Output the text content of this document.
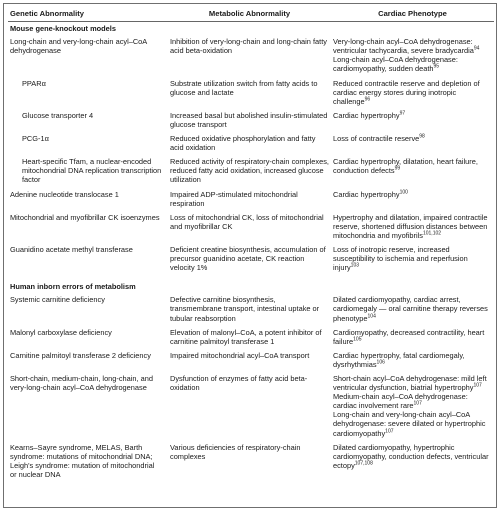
Genetic Abnormality	Metabolic Abnormality	Cardiac Phenotype
Mouse gene-knockout models		
Long-chain and very-long-chain acyl–CoA dehydrogenase	Inhibition of very-long-chain and long-chain fatty acid beta-oxidation	Very-long-chain acyl–CoA dehydrogenase: ventricular tachycardia, severe bradycardia$^{94}$
Long-chain acyl–CoA dehydrogenase: cardiomyopathy, sudden death$^{95}$

PPARα	Substrate utilization switch from fatty acids to glucose and lactate	Reduced contractile reserve and depletion of cardiac energy stores during inotropic challenge$^{96}$

Glucose transporter 4	Increased basal but abolished insulin-stimulated glucose transport	Cardiac hypertrophy$^{97}$

PCG-1α	Reduced oxidative phosphorylation and fatty acid oxidation	Loss of contractile reserve$^{98}$

Heart-specific Tfam, a nuclear-encoded mitochondrial DNA replication transcription factor	Reduced activity of respiratory-chain complexes, reduced fatty acid oxidation, increased glucose utilization	Cardiac hypertrophy, dilatation, heart failure, conduction defects$^{99}$

Adenine nucleotide translocase 1	Impaired ADP-stimulated mitochondrial respiration	Cardiac hypertrophy$^{100}$

Mitochondrial and myofibrillar CK isoenzymes	Loss of mitochondrial CK, loss of mitochondrial and myofibrillar CK	Hypertrophy and dilatation, impaired contractile reserve, shortened diffusion distances between mitochondria and myofibrils$^{101,102}$

Guanidino acetate methyl transferase	Deficient creatine biosynthesis, accumulation of precursor guanidino acetate, CK reaction velocity 1%	Loss of inotropic reserve, increased susceptibility to ischemia and reperfusion injury$^{103}$

Human inborn errors of metabolism		
Systemic carnitine deficiency	Defective carnitine biosynthesis, transmembrane transport, intestinal uptake or tubular reabsorption	Dilated cardiomyopathy, cardiac arrest, cardiomegaly — oral carnitine therapy reverses phenotype$^{104}$

Malonyl carboxylase deficiency	Elevation of malonyl–CoA, a potent inhibitor of carnitine palmitoyl transferase 1	Cardiomyopathy, decreased contractility, heart failure$^{105}$

Carnitine palmitoyl transferase 2 deficiency	Impaired mitochondrial acyl–CoA transport	Cardiac hypertrophy, fatal cardiomegaly, dysrhythmias$^{106}$

Short-chain, medium-chain, long-chain, and very-long-chain acyl–CoA dehydrogenase	Dysfunction of enzymes of fatty acid beta-oxidation	Short-chain acyl–CoA dehydrogenase: mild left ventricular dysfunction, biatrial hypertrophy$^{107}$
Medium-chain acyl–CoA dehydrogenase: cardiac involvement rare$^{107}$
Long-chain and very-long-chain acyl–CoA dehydrogenase: severe dilated or hypertrophic cardiomyopathy$^{107}$

Kearns–Sayre syndrome, MELAS, Barth syndrome: mutations of mitochondrial DNA; Leigh's syndrome: mutation of mitochondrial or nuclear DNA	Various deficiencies of respiratory-chain complexes	Dilated cardiomyopathy, hypertrophic cardiomyopathy, conduction defects, ventricular ectopy$^{107,108}$
